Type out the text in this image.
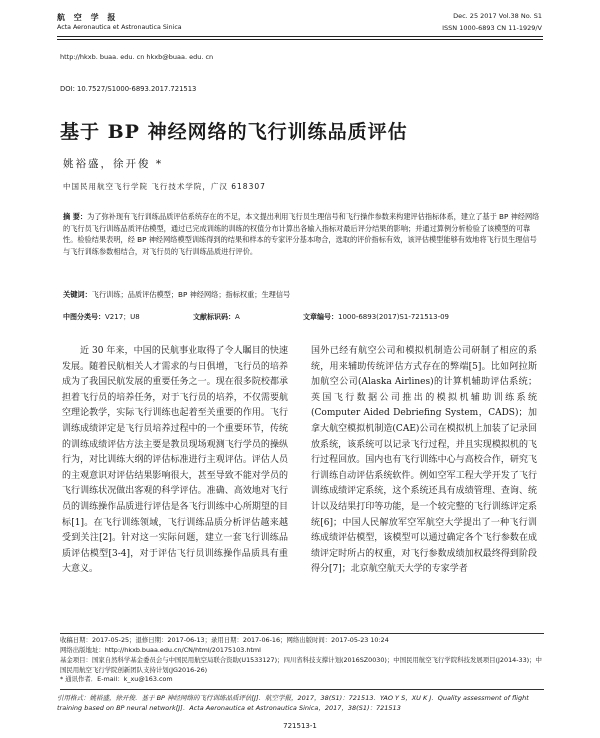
航 空 学 报
Acta Aeronautica et Astronautica Sinica
Dec. 25 2017 Vol.38 No. S1
ISSN 1000-6893 CN 11-1929/V
http://hkxb. buaa. edu. cn hkxb@buaa. edu. cn
DOI: 10.7527/S1000-6893.2017.721513
基于 BP 神经网络的飞行训练品质评估
姚裕盛，徐开俊 *
中国民用航空飞行学院 飞行技术学院，广汉 618307
摘 要：为了弥补现有飞行训练品质评估系统存在的不足，本文提出利用飞行员生理信号和飞行操作参数来构建评估指标体系，建立了基于 BP 神经网络的飞行员飞行训练品质评估模型，通过已完成训练的训练的权值分布计算出各输入指标对最后评分结果的影响；并通过算例分析检验了该模型的可靠性。检验结果表明，经 BP 神经网络模型训练得到的结果和样本的专家评分基本吻合，选取的评价指标有效，该评估模型能够有效地将飞行员生理信号与飞行训练参数相结合，对飞行员的飞行训练品质进行评价。
关键词：飞行训练；品质评估模型；BP 神经网络；指标权重；生理信号
中图分类号：V217；U8	文献标识码：A	文章编号：1000-6893(2017)S1-721513-09

近 30 年来，中国的民航事业取得了令人瞩目的快速发展。随着民航相关人才需求的与日俱增，飞行员的培养成为了我国民航发展的重要任务之一。现在很多院校都承担着飞行员的培养任务，对于飞行员的培养，不仅需要航空理论教学，实际飞行训练也起着至关重要的作用。飞行训练成绩评定是飞行员培养过程中的一个重要环节，传统的训练成绩评估方法主要是教员现场观测飞行学员的操纵行为，对比训练大纲的评估标准进行主观评估。评估人员的主观意识对评估结果影响很大，甚至导致不能对学员的飞行训练状况做出客观的科学评估。准确、高效地对飞行员的训练操作品质进行评估是各飞行训练中心所期望的目标[1]。在飞行训练领域，飞行训练品质分析评估越来越受到关注[2]。针对这一实际问题，建立一套飞行训练品质评估模型[3-4]，对于评估飞行员训练操作品质具有重大意义。

国外已经有航空公司和模拟机制造公司研制了相应的系统，用来辅助传统评估方式存在的弊端[5]。比如阿拉斯加航空公司(Alaska Airlines)的计算机辅助评估系统；英国飞行数据公司推出的模拟机辅助训练系统(Computer Aided Debriefing System，CADS)；加拿大航空模拟机制造(CAE)公司在模拟机上加装了记录回放系统，该系统可以记录飞行过程，并且实现模拟机的飞行过程回放。国内也有飞行训练中心与高校合作，研究飞行训练自动评估系统软件。例如空军工程大学开发了飞行训练成绩评定系统，这个系统还具有成绩管理、查询、统计以及结果打印等功能，是一个较完整的飞行训练评定系统[6]；中国人民解放军空军航空大学提出了一种飞行训练成绩评估模型，该模型可以通过确定各个飞行参数在成绩评定时所占的权重，对飞行参数成绩加权最终得到阶段得分[7]；北京航空航天大学的专家学者

收稿日期：2017-05-25；退修日期：2017-06-13；录用日期：2017-06-16；网络出版时间：2017-05-23 10:24
网络出版地址：http://hkxb.buaa.edu.cn/CN/html/20175103.html
基金项目：国家自然科学基金委员会与中国民用航空局联合资助(U1533127)；四川省科技支撑计划(2016SZ0030)；中国民用航空飞行学院科技发展项目(J2014-33)；中国民用航空飞行学院创新团队支持计划(JG2016-26)
* 通讯作者．E-mail：k_xu@163.com
引用格式：姚裕盛，徐开俊．基于 BP 神经网络的飞行训练品质评估[J]．航空学报，2017，38(S1)：721513．YAO Y S，XU K J．Quality assessment of flight training based on BP neural network[J]．Acta Aeronautica et Astronautica Sinica，2017，38(S1)：721513
721513-1
